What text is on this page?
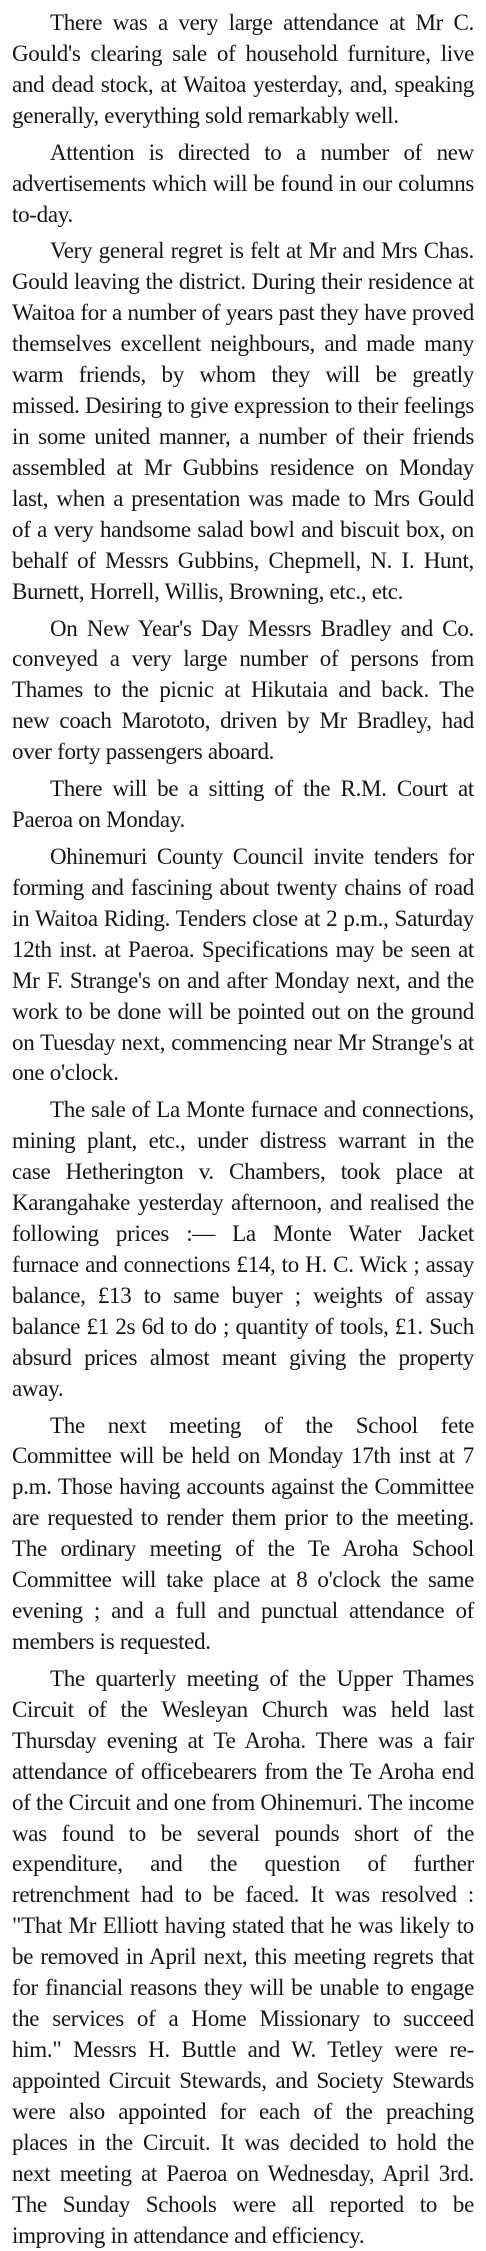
There was a very large attendance at Mr C. Gould's clearing sale of household furniture, live and dead stock, at Waitoa yesterday, and, speaking generally, everything sold remarkably well.

Attention is directed to a number of new advertisements which will be found in our columns to-day.

Very general regret is felt at Mr and Mrs Chas. Gould leaving the district. During their residence at Waitoa for a number of years past they have proved themselves excellent neighbours, and made many warm friends, by whom they will be greatly missed. Desiring to give expression to their feelings in some united manner, a number of their friends assembled at Mr Gubbins residence on Monday last, when a presentation was made to Mrs Gould of a very handsome salad bowl and biscuit box, on behalf of Messrs Gubbins, Chepmell, N. I. Hunt, Burnett, Horrell, Willis, Browning, etc., etc.

On New Year's Day Messrs Bradley and Co. conveyed a very large number of persons from Thames to the picnic at Hikutaia and back. The new coach Marototo, driven by Mr Bradley, had over forty passengers aboard.

There will be a sitting of the R.M. Court at Paeroa on Monday.

Ohinemuri County Council invite tenders for forming and fascining about twenty chains of road in Waitoa Riding. Tenders close at 2 p.m., Saturday 12th inst. at Paeroa. Specifications may be seen at Mr F. Strange's on and after Monday next, and the work to be done will be pointed out on the ground on Tuesday next, commencing near Mr Strange's at one o'clock.

The sale of La Monte furnace and connections, mining plant, etc., under distress warrant in the case Hetherington v. Chambers, took place at Karangahake yesterday afternoon, and realised the following prices :— La Monte Water Jacket furnace and connections £14, to H. C. Wick ; assay balance, £13 to same buyer ; weights of assay balance £1 2s 6d to do ; quantity of tools, £1. Such absurd prices almost meant giving the property away.

The next meeting of the School fete Committee will be held on Monday 17th inst at 7 p.m. Those having accounts against the Committee are requested to render them prior to the meeting. The ordinary meeting of the Te Aroha School Committee will take place at 8 o'clock the same evening ; and a full and punctual attendance of members is requested.

The quarterly meeting of the Upper Thames Circuit of the Wesleyan Church was held last Thursday evening at Te Aroha. There was a fair attendance of officebearers from the Te Aroha end of the Circuit and one from Ohinemuri. The income was found to be several pounds short of the expenditure, and the question of further retrenchment had to be faced. It was resolved : "That Mr Elliott having stated that he was likely to be removed in April next, this meeting regrets that for financial reasons they will be unable to engage the services of a Home Missionary to succeed him." Messrs H. Buttle and W. Tetley were re-appointed Circuit Stewards, and Society Stewards were also appointed for each of the preaching places in the Circuit. It was decided to hold the next meeting at Paeroa on Wednesday, April 3rd. The Sunday Schools were all reported to be improving in attendance and efficiency.
